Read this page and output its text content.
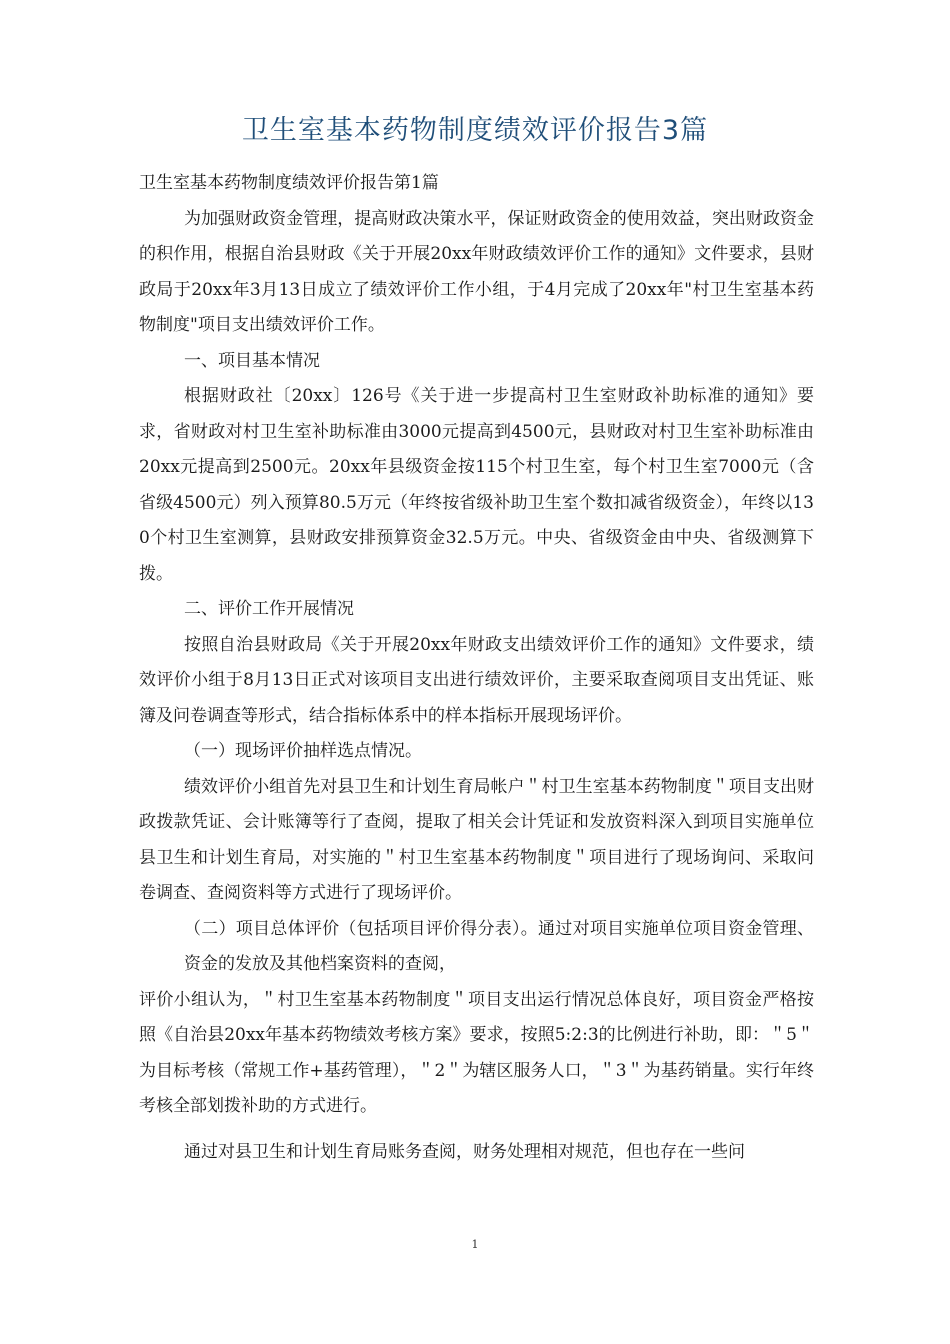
卫生室基本药物制度绩效评价报告3篇

卫生室基本药物制度绩效评价报告第1篇

为加强财政资金管理，提高财政决策水平，保证财政资金的使用效益，突出财政资金的积作用，根据自治县财政《关于开展20xx年财政绩效评价工作的通知》文件要求，县财政局于20xx年3月13日成立了绩效评价工作小组，于4月完成了20xx年"村卫生室基本药物制度"项目支出绩效评价工作。

一、项目基本情况

根据财政社〔20xx〕126号《关于进一步提高村卫生室财政补助标准的通知》要求，省财政对村卫生室补助标准由3000元提高到4500元，县财政对村卫生室补助标准由20xx元提高到2500元。20xx年县级资金按115个村卫生室，每个村卫生室7000元（含省级4500元）列入预算80.5万元（年终按省级补助卫生室个数扣减省级资金），年终以130个村卫生室测算，县财政安排预算资金32.5万元。中央、省级资金由中央、省级测算下拨。

二、评价工作开展情况

按照自治县财政局《关于开展20xx年财政支出绩效评价工作的通知》文件要求，绩效评价小组于8月13日正式对该项目支出进行绩效评价，主要采取查阅项目支出凭证、账簿及问卷调查等形式，结合指标体系中的样本指标开展现场评价。

（一）现场评价抽样选点情况。

绩效评价小组首先对县卫生和计划生育局帐户＂村卫生室基本药物制度＂项目支出财政拨款凭证、会计账簿等行了查阅，提取了相关会计凭证和发放资料深入到项目实施单位县卫生和计划生育局，对实施的＂村卫生室基本药物制度＂项目进行了现场询问、采取问卷调查、查阅资料等方式进行了现场评价。

（二）项目总体评价（包括项目评价得分表）。通过对项目实施单位项目资金管理、资金的发放及其他档案资料的查阅，

评价小组认为，＂村卫生室基本药物制度＂项目支出运行情况总体良好，项目资金严格按照《自治县20xx年基本药物绩效考核方案》要求，按照5:2:3的比例进行补助，即：＂5＂为目标考核（常规工作+基药管理），＂2＂为辖区服务人口，＂3＂为基药销量。实行年终考核全部划拨补助的方式进行。

通过对县卫生和计划生育局账务查阅，财务处理相对规范，但也存在一些问

1
